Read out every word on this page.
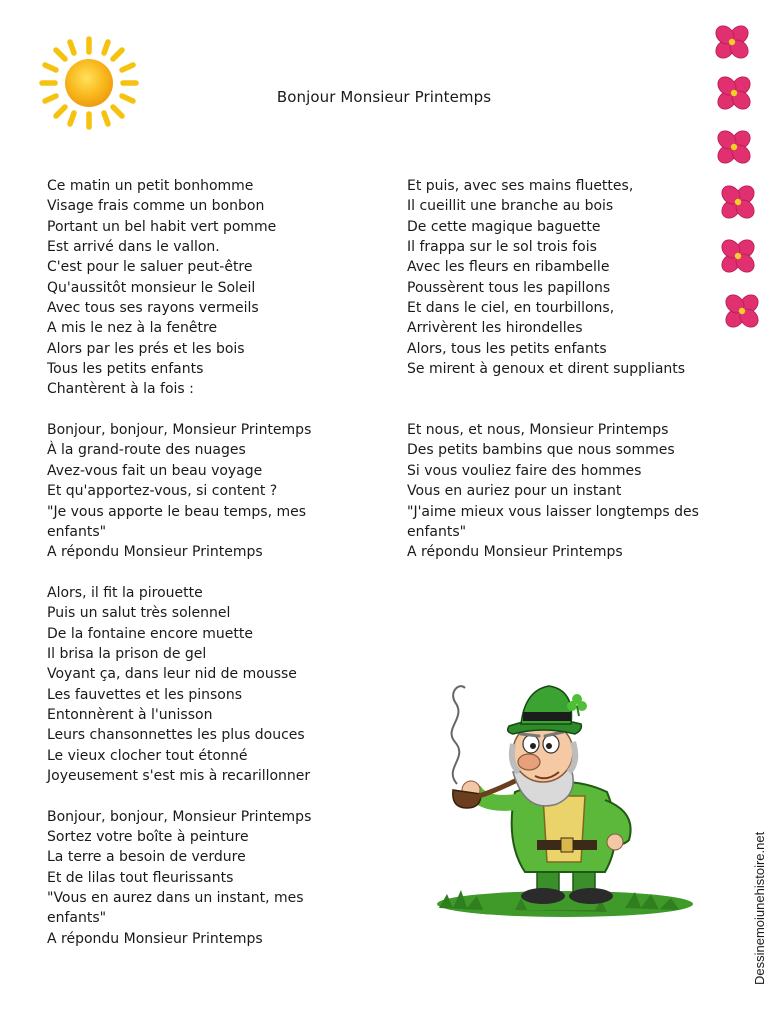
Bonjour Monsieur Printemps
Ce matin un petit bonhomme
Visage frais comme un bonbon
Portant un bel habit vert pomme
Est arrivé dans le vallon.
C'est pour le saluer peut-être
Qu'aussitôt monsieur le Soleil
Avec tous ses rayons vermeils
A mis le nez à la fenêtre
Alors par les prés et les bois
Tous les petits enfants
Chantèrent à la fois :
Bonjour, bonjour, Monsieur Printemps
À la grand-route des nuages
Avez-vous fait un beau voyage
Et qu'apportez-vous, si content ?
"Je vous apporte le beau temps, mes
enfants"
A répondu Monsieur Printemps
Alors, il fit la pirouette
Puis un salut très solennel
De la fontaine encore muette
Il brisa la prison de gel
Voyant ça, dans leur nid de mousse
Les fauvettes et les pinsons
Entonnèrent à l'unisson
Leurs chansonnettes les plus douces
Le vieux clocher tout étonné
Joyeusement s'est mis à recarillonner
Bonjour, bonjour, Monsieur Printemps
Sortez votre boîte à peinture
La terre a besoin de verdure
Et de lilas tout fleurissants
"Vous en aurez dans un instant, mes
enfants"
A répondu Monsieur Printemps
Et puis, avec ses mains fluettes,
Il cueillit une branche au bois
De cette magique baguette
Il frappa sur le sol trois fois
Avec les fleurs en ribambelle
Poussèrent tous les papillons
Et dans le ciel, en tourbillons,
Arrivèrent les hirondelles
Alors, tous les petits enfants
Se mirent à genoux et dirent suppliants
Et nous, et nous, Monsieur Printemps
Des petits bambins que nous sommes
Si vous vouliez faire des hommes
Vous en auriez pour un instant
"J'aime mieux vous laisser longtemps des
enfants"
A répondu Monsieur Printemps
Dessinemoiunehistoire.net
